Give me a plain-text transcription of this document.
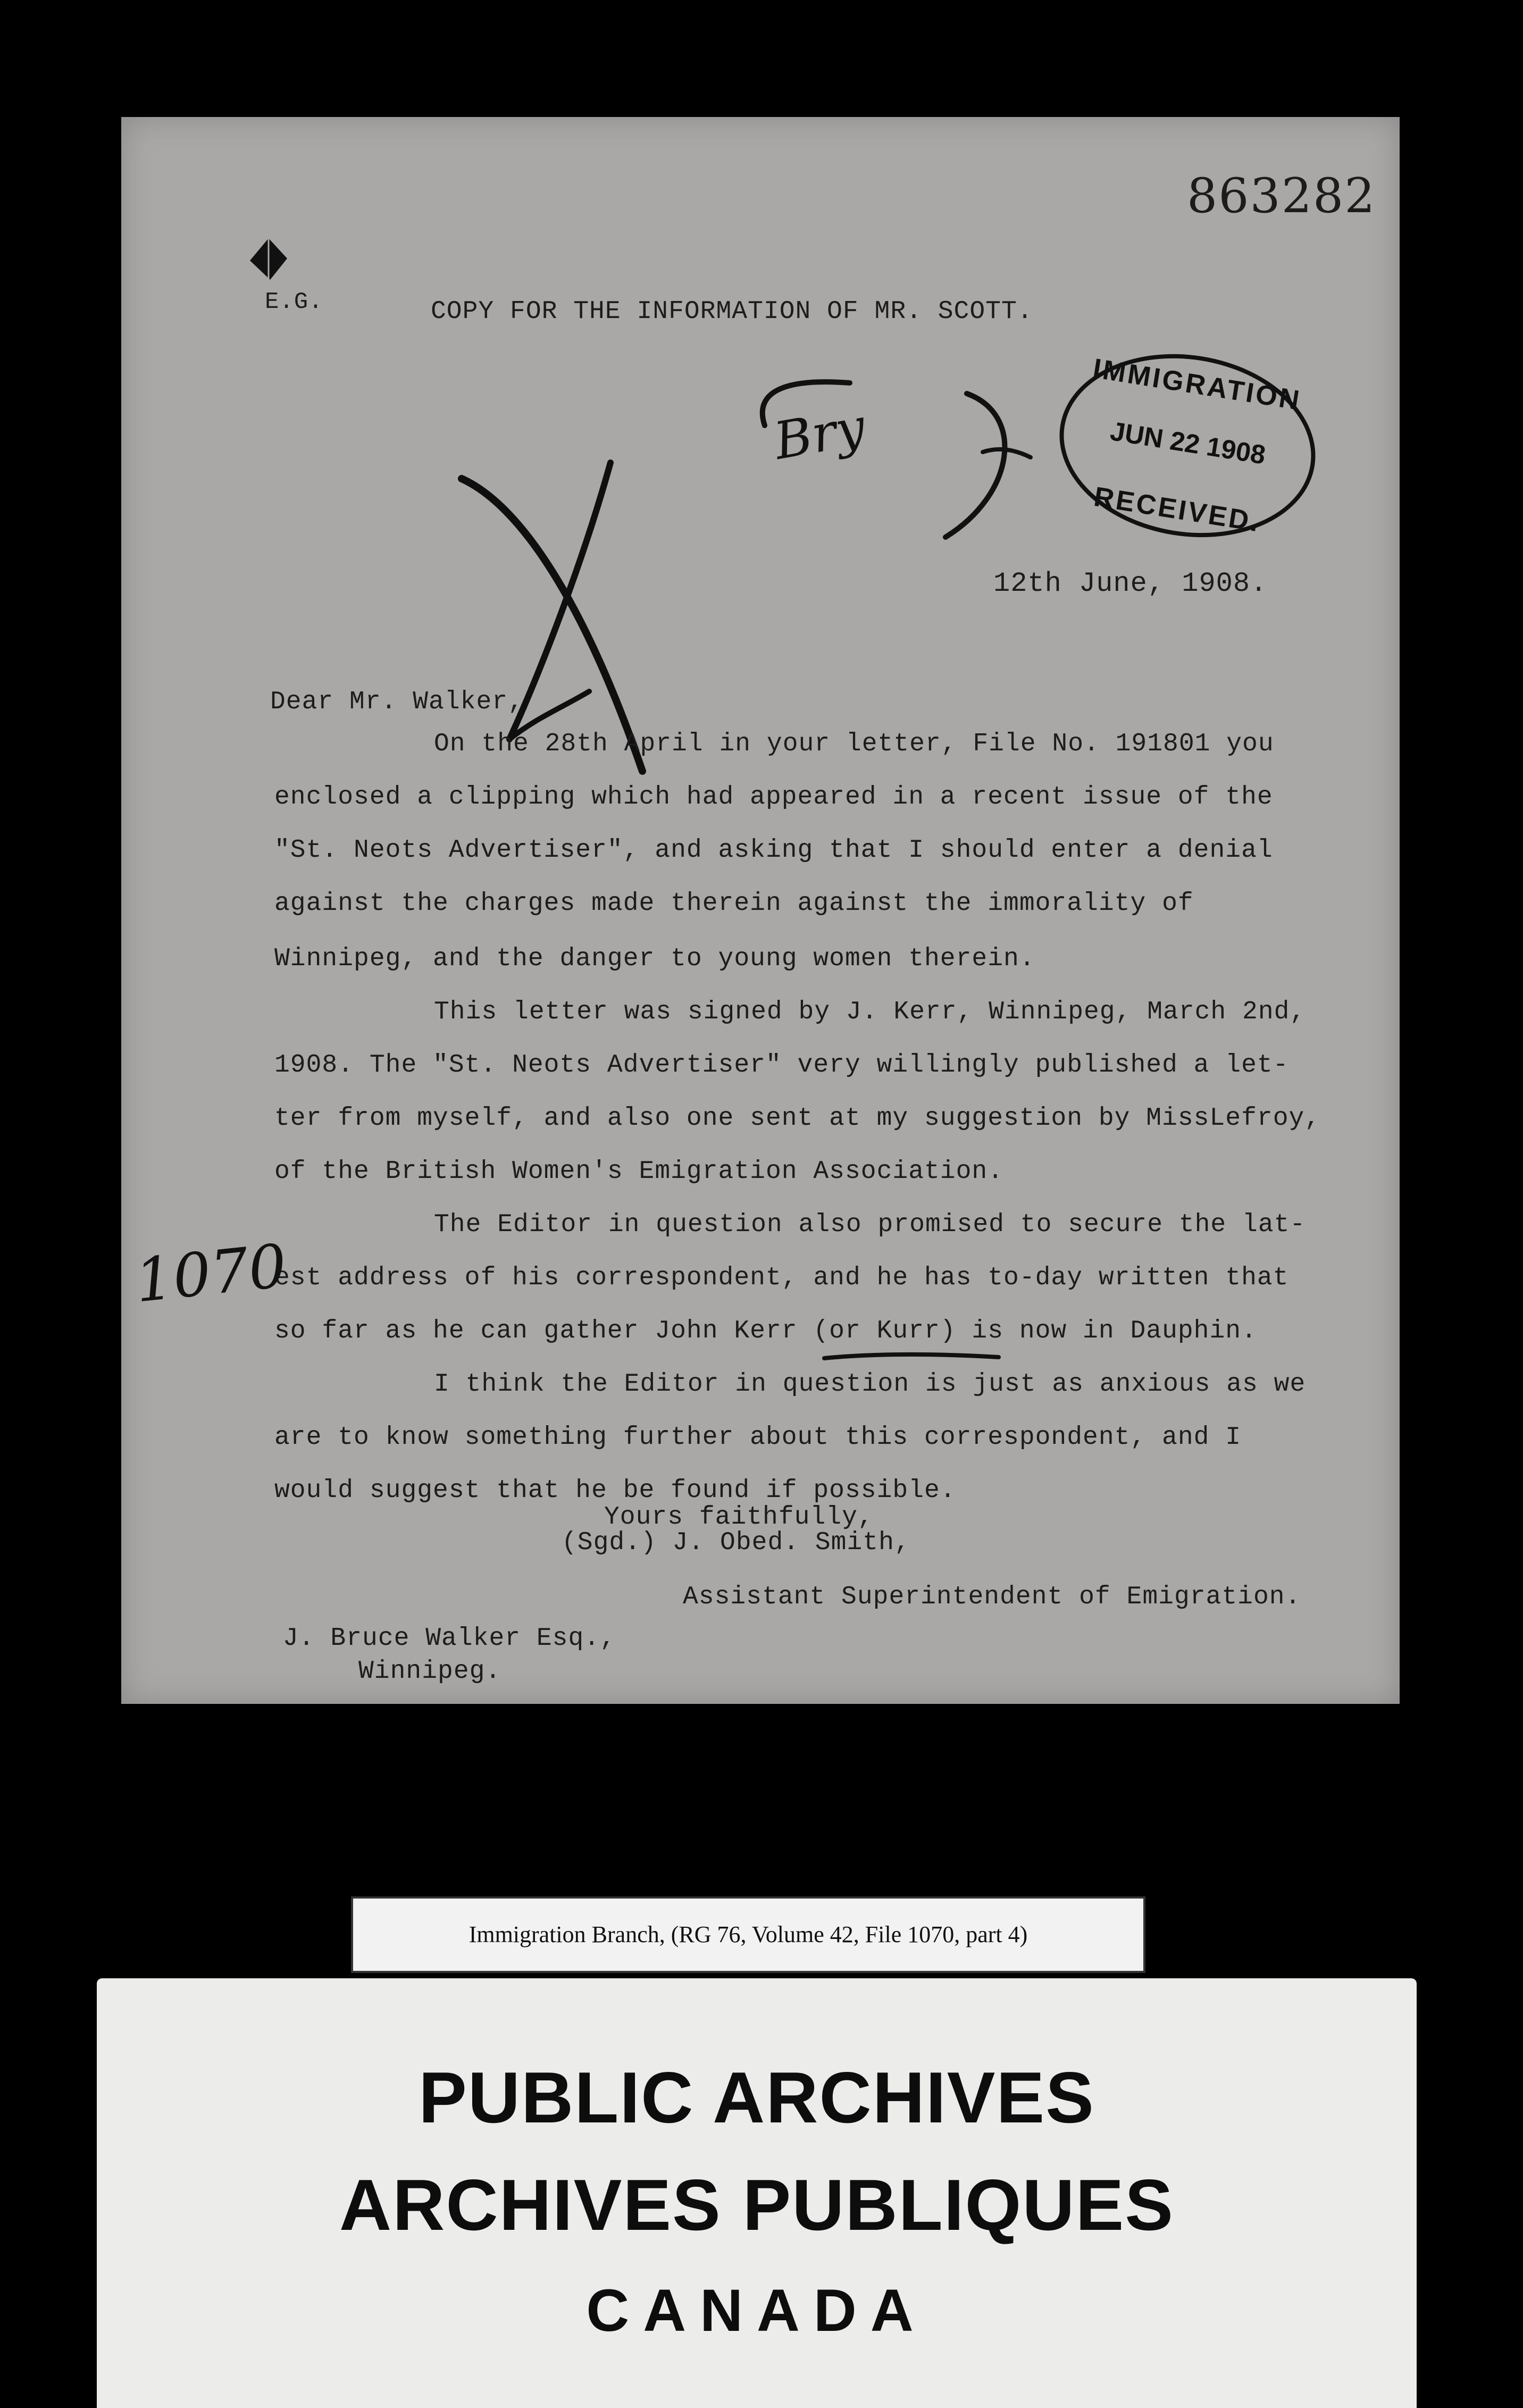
863282
E.G.	COPY FOR THE INFORMATION OF MR. SCOTT.
IMMIGRATION
JUN 22 1908
RECEIVED.
Bry
12th June, 1908.
Dear Mr. Walker,
On the 28th April in your letter, File No. 191801 you
enclosed a clipping which had appeared in a recent issue of the
"St. Neots Advertiser", and asking that I should enter a denial
against the charges made therein against the immorality of
Winnipeg, and the danger to young women therein.
This letter was signed by J. Kerr, Winnipeg, March 2nd,
1908. The "St. Neots Advertiser" very willingly published a let-
ter from myself, and also one sent at my suggestion by MissLefroy,
of the British Women's Emigration Association.
The Editor in question also promised to secure the lat-
est address of his correspondent, and he has to-day written that
so far as he can gather John Kerr (or Kurr) is now in Dauphin.
I think the Editor in question is just as anxious as we
are to know something further about this correspondent, and I
would suggest that he be found if possible.
Yours faithfully,
(Sgd.) J. Obed. Smith,
Assistant Superintendent of Emigration.
J. Bruce Walker Esq.,
Winnipeg.
1070
Immigration Branch, (RG 76, Volume 42, File 1070, part 4)
PUBLIC ARCHIVES
ARCHIVES PUBLIQUES
CANADA
